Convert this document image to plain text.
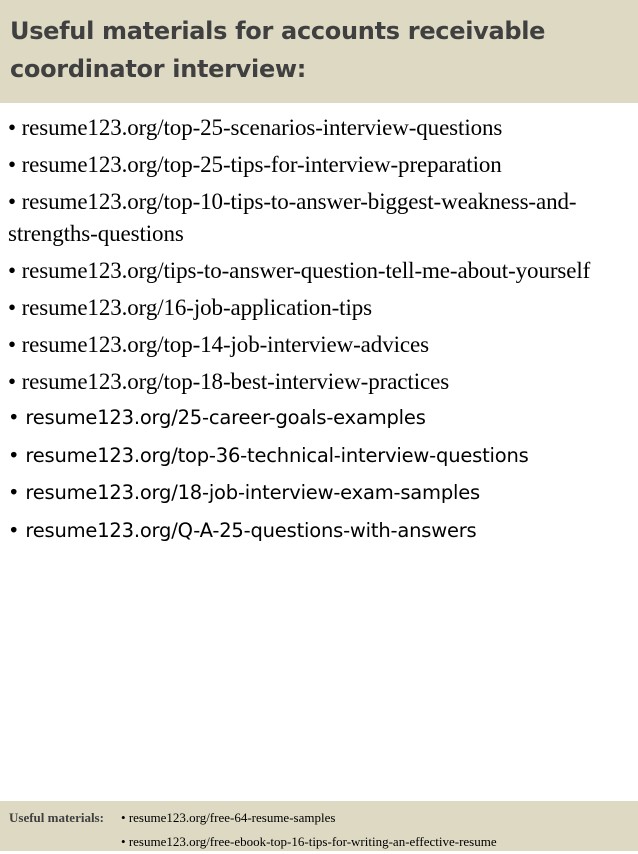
Useful materials for accounts receivable coordinator interview:
• resume123.org/top-25-scenarios-interview-questions
• resume123.org/top-25-tips-for-interview-preparation
• resume123.org/top-10-tips-to-answer-biggest-weakness-and-strengths-questions
• resume123.org/tips-to-answer-question-tell-me-about-yourself
• resume123.org/16-job-application-tips
• resume123.org/top-14-job-interview-advices
• resume123.org/top-18-best-interview-practices
• resume123.org/25-career-goals-examples
• resume123.org/top-36-technical-interview-questions
• resume123.org/18-job-interview-exam-samples
• resume123.org/Q-A-25-questions-with-answers
Useful materials:	• resume123.org/free-64-resume-samples
• resume123.org/free-ebook-top-16-tips-for-writing-an-effective-resume
